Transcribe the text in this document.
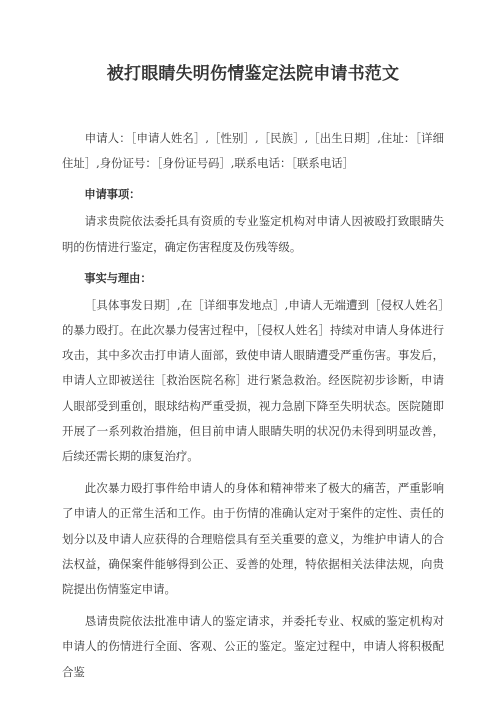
被打眼睛失明伤情鉴定法院申请书范文

申请人：［申请人姓名］,［性别］,［民族］,［出生日期］,住址：［详细住址］,身份证号：［身份证号码］,联系电话：［联系电话］

申请事项：

请求贵院依法委托具有资质的专业鉴定机构对申请人因被殴打致眼睛失明的伤情进行鉴定，确定伤害程度及伤残等级。

事实与理由：

［具体事发日期］,在［详细事发地点］,申请人无端遭到［侵权人姓名］的暴力殴打。在此次暴力侵害过程中，［侵权人姓名］持续对申请人身体进行攻击，其中多次击打申请人面部，致使申请人眼睛遭受严重伤害。事发后，申请人立即被送往［救治医院名称］进行紧急救治。经医院初步诊断，申请人眼部受到重创，眼球结构严重受损，视力急剧下降至失明状态。医院随即开展了一系列救治措施，但目前申请人眼睛失明的状况仍未得到明显改善，后续还需长期的康复治疗。

此次暴力殴打事件给申请人的身体和精神带来了极大的痛苦，严重影响了申请人的正常生活和工作。由于伤情的准确认定对于案件的定性、责任的划分以及申请人应获得的合理赔偿具有至关重要的意义，为维护申请人的合法权益，确保案件能够得到公正、妥善的处理，特依据相关法律法规，向贵院提出伤情鉴定申请。

恳请贵院依法批准申请人的鉴定请求，并委托专业、权威的鉴定机构对申请人的伤情进行全面、客观、公正的鉴定。鉴定过程中，申请人将积极配合鉴
